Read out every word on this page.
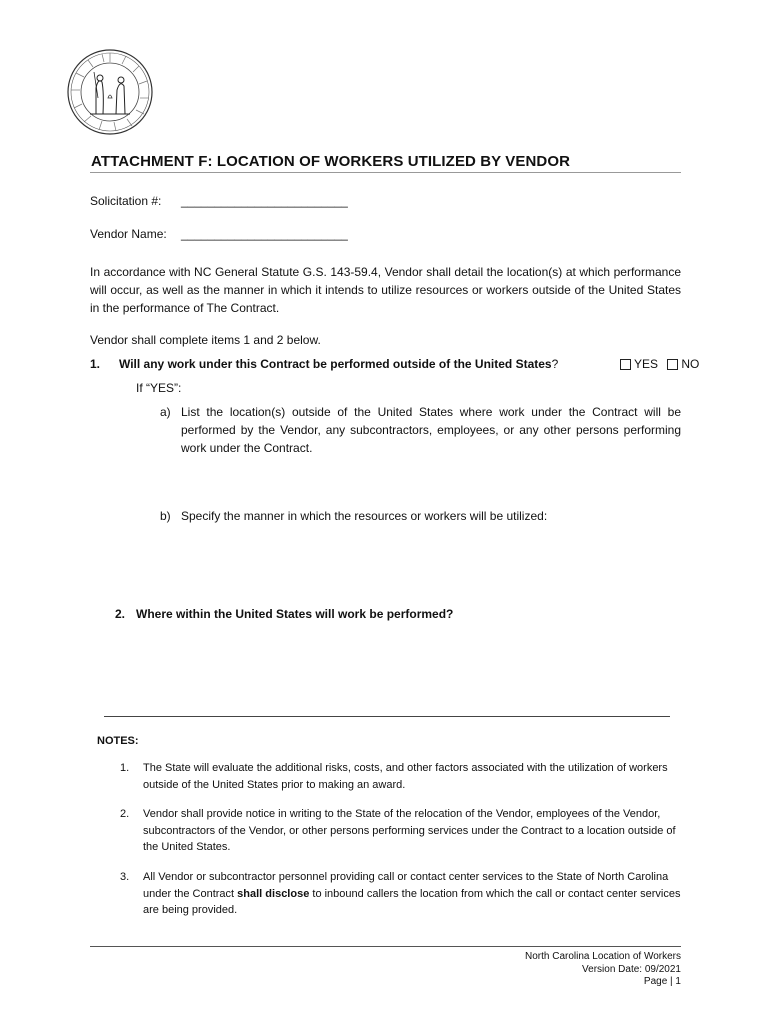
ATTACHMENT F: LOCATION OF WORKERS UTILIZED BY VENDOR
Solicitation #: _________________________
Vendor Name: _________________________
In accordance with NC General Statute G.S. 143-59.4, Vendor shall detail the location(s) at which performance will occur, as well as the manner in which it intends to utilize resources or workers outside of the United States in the performance of The Contract.
Vendor shall complete items 1 and 2 below.
1. Will any work under this Contract be performed outside of the United States?	YES NO
If “YES”:
a) List the location(s) outside of the United States where work under the Contract will be performed by the Vendor, any subcontractors, employees, or any other persons performing work under the Contract.
b) Specify the manner in which the resources or workers will be utilized:
2. Where within the United States will work be performed?
NOTES:
1. The State will evaluate the additional risks, costs, and other factors associated with the utilization of workers outside of the United States prior to making an award.
2. Vendor shall provide notice in writing to the State of the relocation of the Vendor, employees of the Vendor, subcontractors of the Vendor, or other persons performing services under the Contract to a location outside of the United States.
3. All Vendor or subcontractor personnel providing call or contact center services to the State of North Carolina under the Contract shall disclose to inbound callers the location from which the call or contact center services are being provided.
North Carolina Location of Workers
Version Date: 09/2021
Page | 1
